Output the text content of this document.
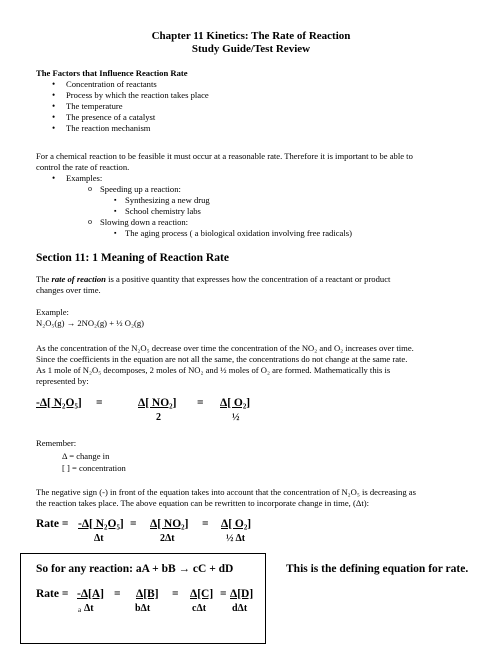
Chapter 11 Kinetics: The Rate of Reaction
Study Guide/Test Review
The Factors that Influence Reaction Rate
• Concentration of reactants
• Process by which the reaction takes place
• The temperature
• The presence of a catalyst
• The reaction mechanism
For a chemical reaction to be feasible it must occur at a reasonable rate. Therefore it is important to be able to
control the rate of reaction.
• Examples:
o Speeding up a reaction:
▪ Synthesizing a new drug
▪ School chemistry labs
o Slowing down a reaction:
▪ The aging process ( a biological oxidation involving free radicals)
Section 11: 1 Meaning of Reaction Rate
The rate of reaction is a positive quantity that expresses how the concentration of a reactant or product
changes over time.
Example:
N₂O₅(g) → 2NO₂(g) + ½ O₂(g)
As the concentration of the N₂O₅ decrease over time the concentration of the NO₂ and O₂ increases over time.
Since the coefficients in the equation are not all the same, the concentrations do not change at the same rate.
As 1 mole of N₂O₅ decomposes, 2 moles of NO₂ and ½ moles of O₂ are formed. Mathematically this is
represented by:
-Δ[ N₂O₅] =	Δ[ NO₂] = Δ[ O₂]
2	½
Remember:
Δ = change in
[ ] = concentration
The negative sign (-) in front of the equation takes into account that the concentration of N₂O₅ is decreasing as
the reaction takes place. The above equation can be rewritten to incorporate change in time, (Δt):
Rate = -Δ[ N₂O₅] = Δ[ NO₂] = Δ[ O₂]
Δt	2Δt	½ Δt
So for any reaction: aA + bB → cC + dD
Rate = -Δ[A] = Δ[B] = Δ[C] = Δ[D]
a Δt	bΔt	cΔt	dΔt
This is the defining equation for rate.
